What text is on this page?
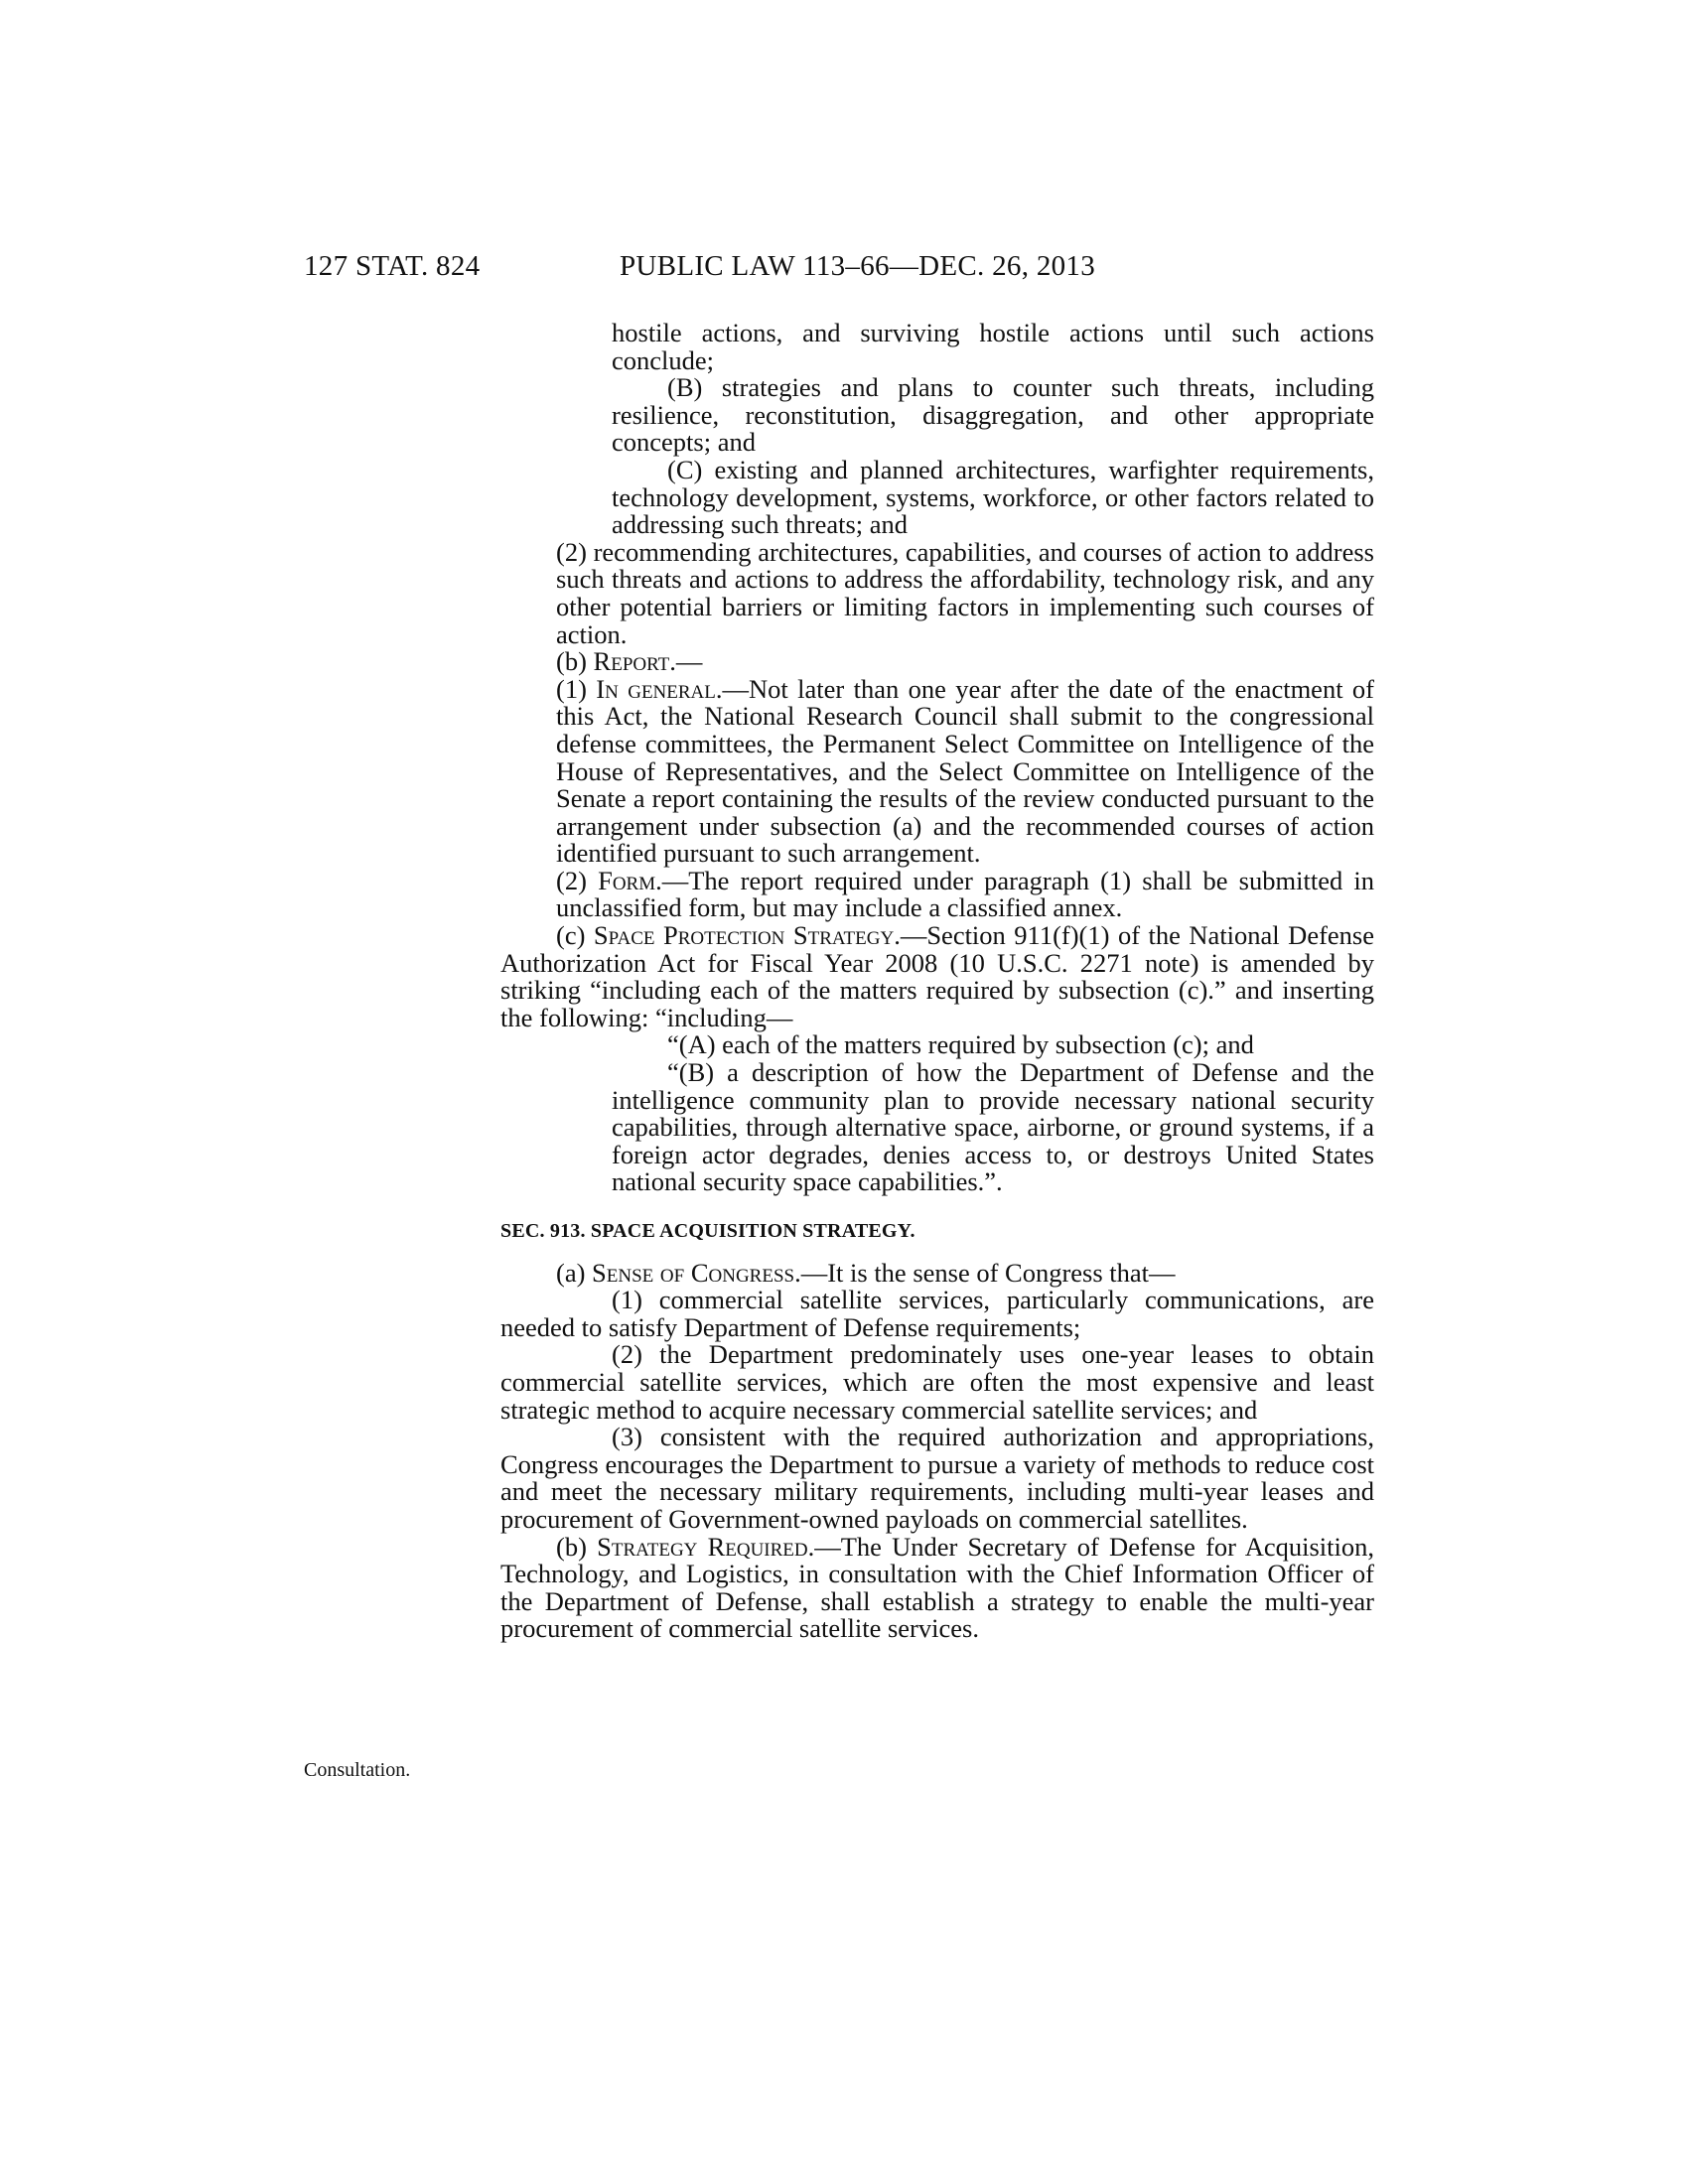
127 STAT. 824	PUBLIC LAW 113–66—DEC. 26, 2013
Consultation.

hostile actions, and surviving hostile actions until such actions conclude;

(B) strategies and plans to counter such threats, including resilience, reconstitution, disaggregation, and other appropriate concepts; and

(C) existing and planned architectures, warfighter requirements, technology development, systems, workforce, or other factors related to addressing such threats; and

(2) recommending architectures, capabilities, and courses of action to address such threats and actions to address the affordability, technology risk, and any other potential barriers or limiting factors in implementing such courses of action.

(b) Report.—

(1) In general.—Not later than one year after the date of the enactment of this Act, the National Research Council shall submit to the congressional defense committees, the Permanent Select Committee on Intelligence of the House of Representatives, and the Select Committee on Intelligence of the Senate a report containing the results of the review conducted pursuant to the arrangement under subsection (a) and the recommended courses of action identified pursuant to such arrangement.

(2) Form.—The report required under paragraph (1) shall be submitted in unclassified form, but may include a classified annex.

(c) Space Protection Strategy.—Section 911(f)(1) of the National Defense Authorization Act for Fiscal Year 2008 (10 U.S.C. 2271 note) is amended by striking “including each of the matters required by subsection (c).” and inserting the following: “including—

“(A) each of the matters required by subsection (c); and

“(B) a description of how the Department of Defense and the intelligence community plan to provide necessary national security capabilities, through alternative space, airborne, or ground systems, if a foreign actor degrades, denies access to, or destroys United States national security space capabilities.”.

SEC. 913. SPACE ACQUISITION STRATEGY.

(a) Sense of Congress.—It is the sense of Congress that—

(1) commercial satellite services, particularly communications, are needed to satisfy Department of Defense requirements;

(2) the Department predominately uses one-year leases to obtain commercial satellite services, which are often the most expensive and least strategic method to acquire necessary commercial satellite services; and

(3) consistent with the required authorization and appropriations, Congress encourages the Department to pursue a variety of methods to reduce cost and meet the necessary military requirements, including multi-year leases and procurement of Government-owned payloads on commercial satellites.

(b) Strategy Required.—The Under Secretary of Defense for Acquisition, Technology, and Logistics, in consultation with the Chief Information Officer of the Department of Defense, shall establish a strategy to enable the multi-year procurement of commercial satellite services.
